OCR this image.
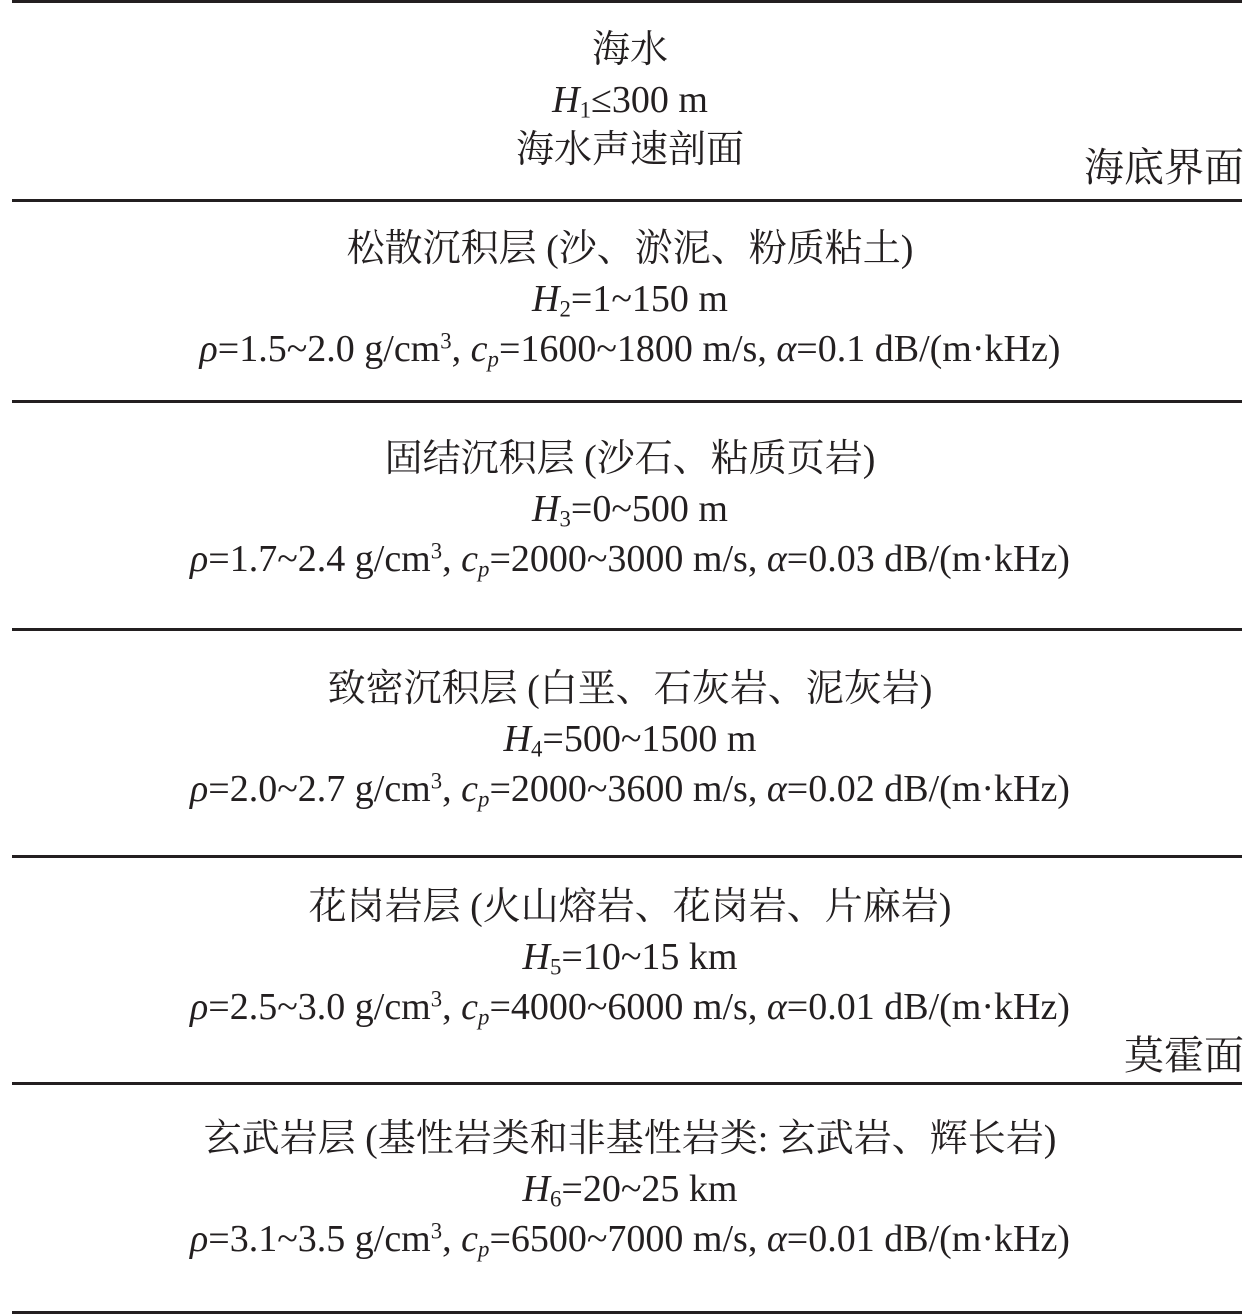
海底界面
莫霍面
海水
$H_1\le 300$ m
海水声速剖面
松散沉积层 (沙、淤泥、粉质粘土)
$H_2=1\sim 150$ m
ρ=1.5~2.0 $g/cm^3$, $c_p=1600\sim 1800$ m/s, α=0.1 dB/(m·kHz)
固结沉积层 (沙石、粘质页岩)
$H_3=0\sim 500$ m
ρ=1.7~2.4 $g/cm^3$, $c_p=2000\sim 3000$ m/s, α=0.03 dB/(m·kHz)
致密沉积层 (白垩、石灰岩、泥灰岩)
$H_4=500\sim 1500$ m
ρ=2.0~2.7 $g/cm^3$, $c_p=2000\sim 3600$ m/s, α=0.02 dB/(m·kHz)
花岗岩层 (火山熔岩、花岗岩、片麻岩)
$H_5=10\sim 15$ km
ρ=2.5~3.0 $g/cm^3$, $c_p=4000\sim 6000$ m/s, α=0.01 dB/(m·kHz)
玄武岩层 (基性岩类和非基性岩类: 玄武岩、辉长岩)
$H_6=20\sim 25$ km
ρ=3.1~3.5 $g/cm^3$, $c_p=6500\sim 7000$ m/s, α=0.01 dB/(m·kHz)
